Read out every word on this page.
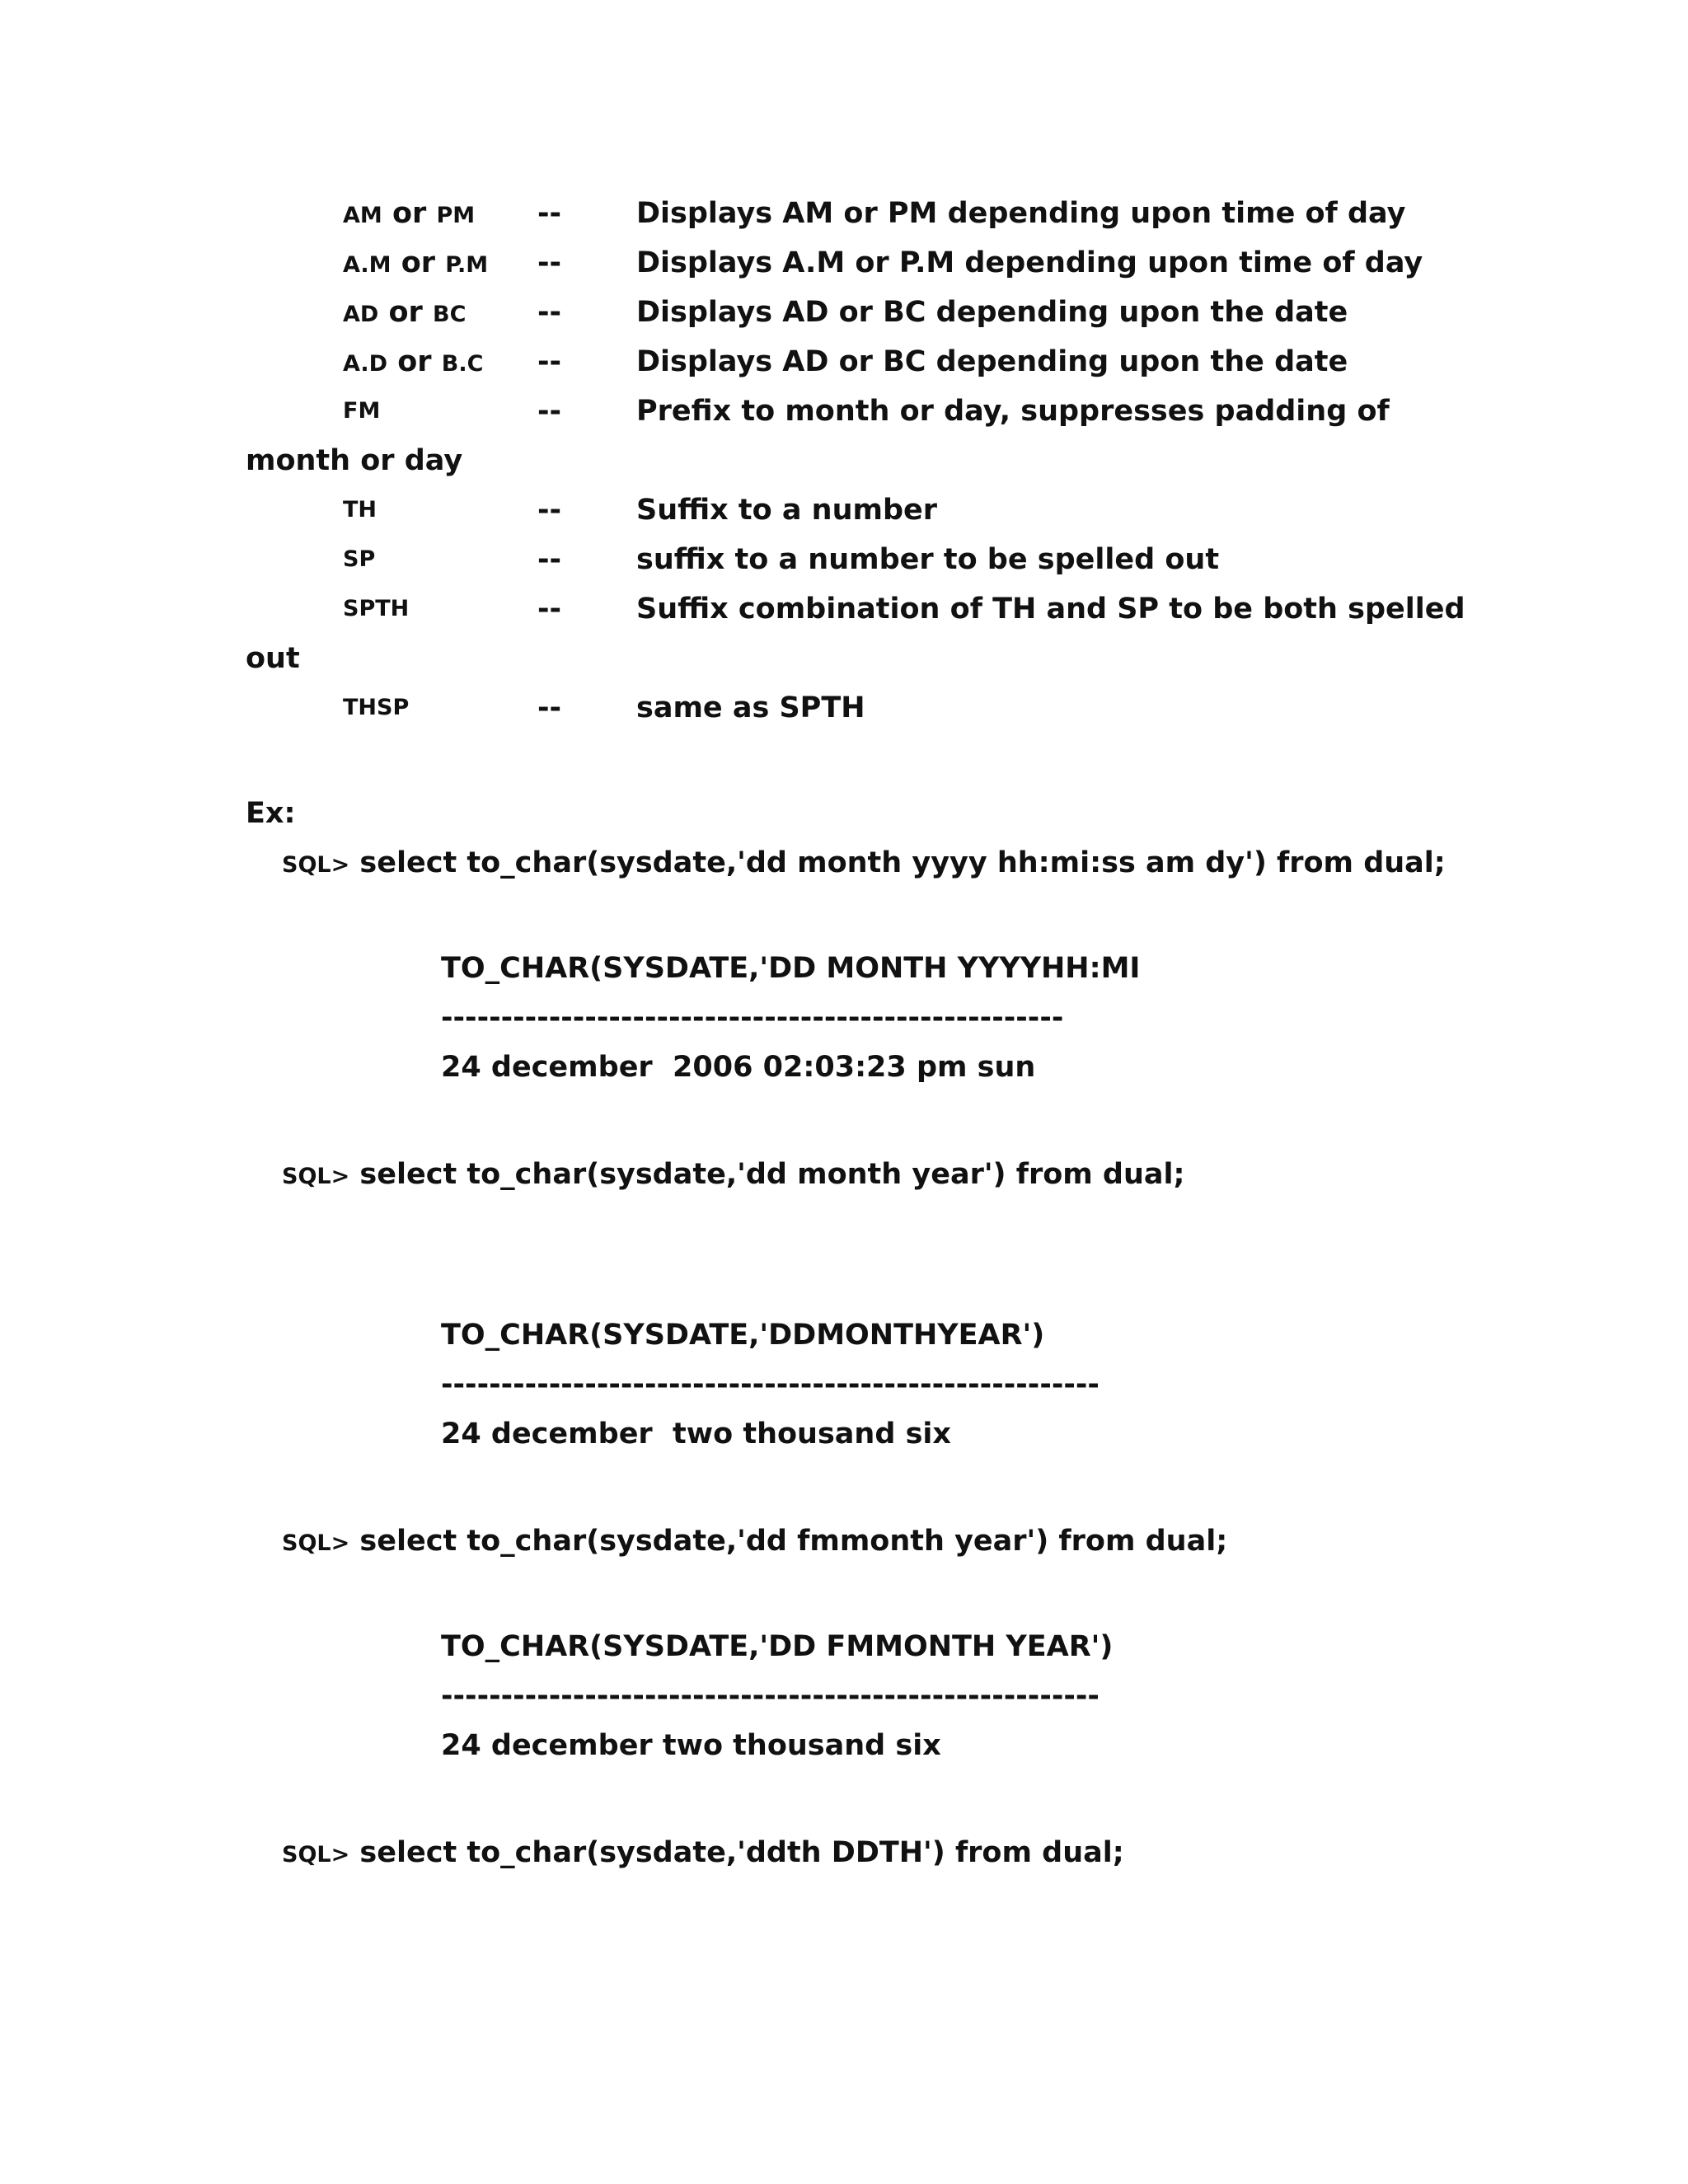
AM or PM --	Displays AM or PM depending upon time of day
A.M or P.M --	Displays A.M or P.M depending upon time of day
AD or BC --	Displays AD or BC depending upon the date
A.D or B.C --	Displays AD or BC depending upon the date
FM	--	Prefix to month or day, suppresses padding of
month or day
TH	--	Suffix to a number
SP	--	suffix to a number to be spelled out
SPTH	--	Suffix combination of TH and SP to be both spelled
out
THSP	--	same as SPTH
Ex:
SQL> select to_char(sysdate,'dd month yyyy hh:mi:ss am dy') from dual;
TO_CHAR(SYSDATE,'DD MONTH YYYYHH:MI
----------------------------------------------------
24 december  2006 02:03:23 pm sun
SQL> select to_char(sysdate,'dd month year') from dual;
TO_CHAR(SYSDATE,'DDMONTHYEAR')
-------------------------------------------------------
24 december  two thousand six
SQL> select to_char(sysdate,'dd fmmonth year') from dual;
TO_CHAR(SYSDATE,'DD FMMONTH YEAR')
-------------------------------------------------------
24 december two thousand six
SQL> select to_char(sysdate,'ddth DDTH') from dual;
